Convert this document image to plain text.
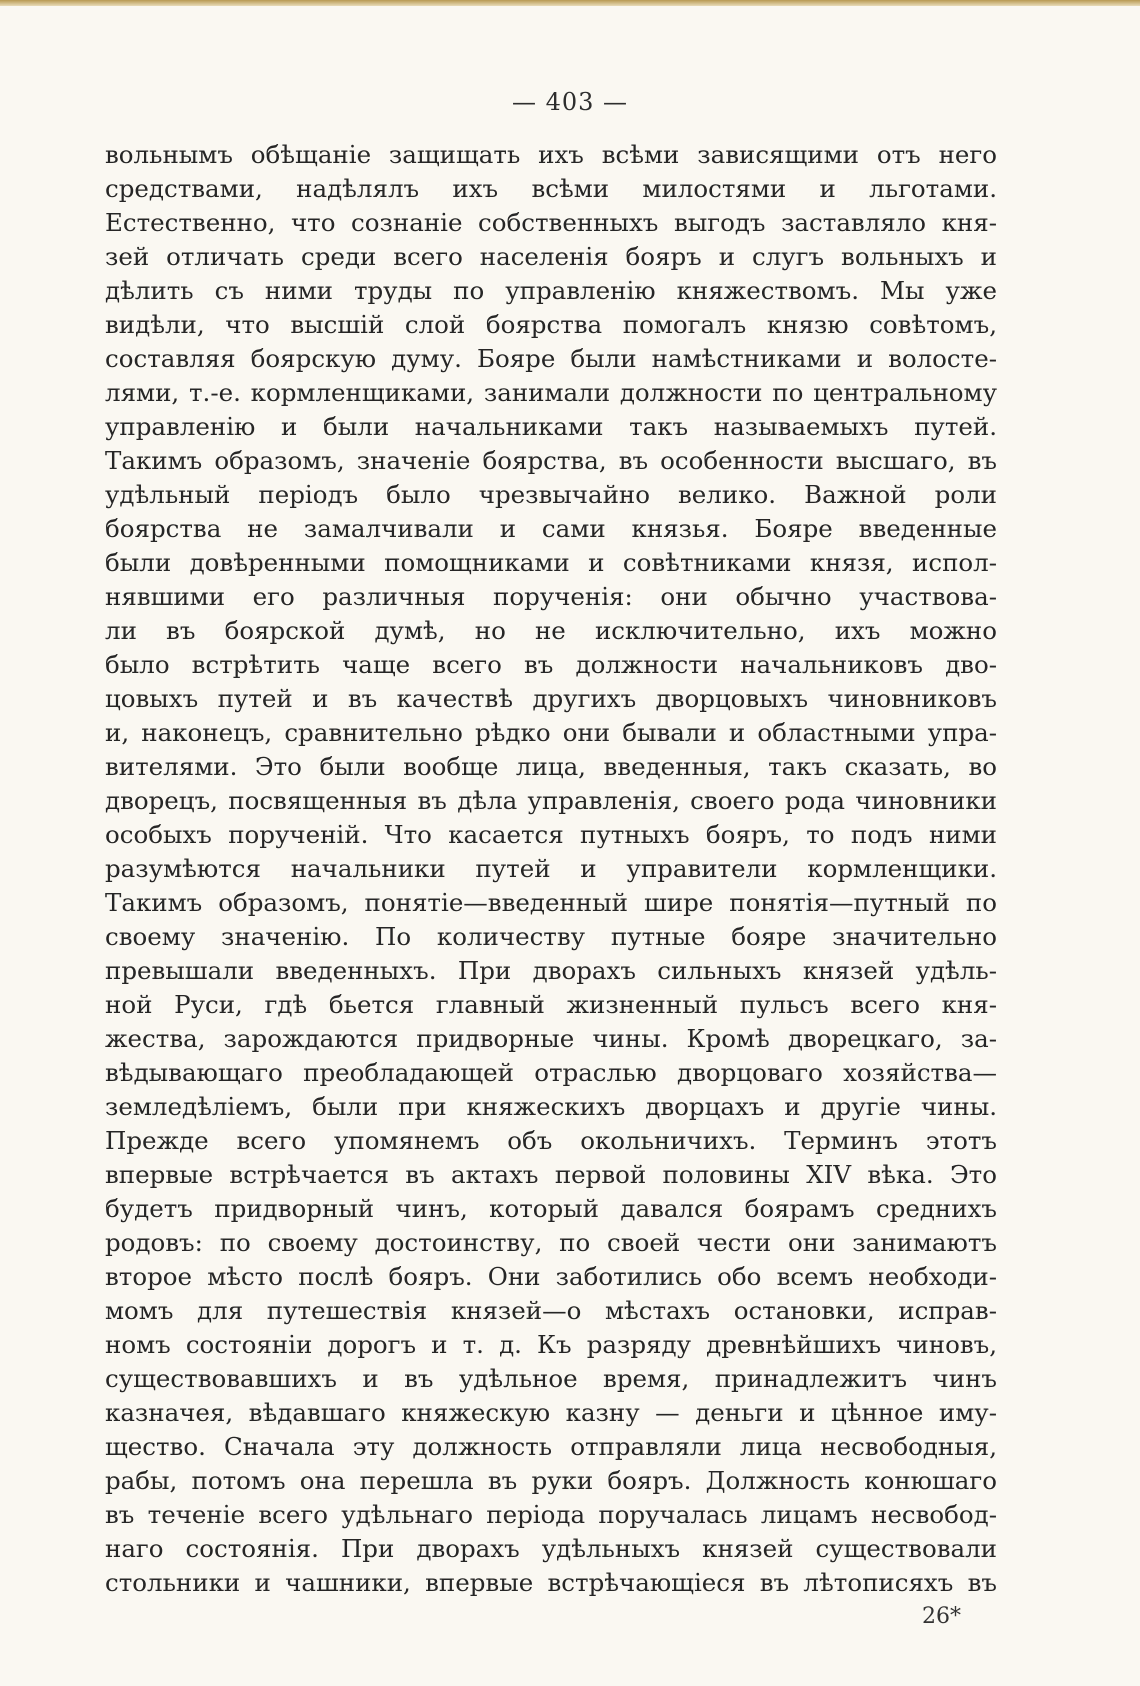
— 403 —
вольнымъ обѣщаніе защищать ихъ всѣми зависящими отъ него
средствами, надѣлялъ ихъ всѣми милостями и льготами.
Естественно, что сознаніе собственныхъ выгодъ заставляло кня-
зей отличать среди всего населенія бояръ и слугъ вольныхъ и
дѣлить съ ними труды по управленію княжествомъ. Мы уже
видѣли, что высшій слой боярства помогалъ князю совѣтомъ,
составляя боярскую думу. Бояре были намѣстниками и волосте-
лями, т.-е. кормленщиками, занимали должности по центральному
управленію и были начальниками такъ называемыхъ путей.
Такимъ образомъ, значеніе боярства, въ особенности высшаго, въ
удѣльный періодъ было чрезвычайно велико. Важной роли
боярства не замалчивали и сами князья. Бояре введенные
были довѣренными помощниками и совѣтниками князя, испол-
нявшими его различныя порученія: они обычно участвова-
ли въ боярской думѣ, но не исключительно, ихъ можно
было встрѣтить чаще всего въ должности начальниковъ дво-
цовыхъ путей и въ качествѣ другихъ дворцовыхъ чиновниковъ
и, наконецъ, сравнительно рѣдко они бывали и областными упра-
вителями. Это были вообще лица, введенныя, такъ сказать, во
дворецъ, посвященныя въ дѣла управленія, своего рода чиновники
особыхъ порученій. Что касается путныхъ бояръ, то подъ ними
разумѣются начальники путей и управители кормленщики.
Такимъ образомъ, понятіе—введенный шире понятія—путный по
своему значенію. По количеству путные бояре значительно
превышали введенныхъ. При дворахъ сильныхъ князей удѣль-
ной Руси, гдѣ бьется главный жизненный пульсъ всего кня-
жества, зарождаются придворные чины. Кромѣ дворецкаго, за-
вѣдывающаго преобладающей отраслью дворцоваго хозяйства—
земледѣліемъ, были при княжескихъ дворцахъ и другіе чины.
Прежде всего упомянемъ объ окольничихъ. Терминъ этотъ
впервые встрѣчается въ актахъ первой половины XIV вѣка. Это
будетъ придворный чинъ, который давался боярамъ среднихъ
родовъ: по своему достоинству, по своей чести они занимаютъ
второе мѣсто послѣ бояръ. Они заботились обо всемъ необходи-
момъ для путешествія князей—о мѣстахъ остановки, исправ-
номъ состояніи дорогъ и т. д. Къ разряду древнѣйшихъ чиновъ,
существовавшихъ и въ удѣльное время, принадлежитъ чинъ
казначея, вѣдавшаго княжескую казну — деньги и цѣнное иму-
щество. Сначала эту должность отправляли лица несвободныя,
рабы, потомъ она перешла въ руки бояръ. Должность конюшаго
въ теченіе всего удѣльнаго періода поручалась лицамъ несвобод-
наго состоянія. При дворахъ удѣльныхъ князей существовали
стольники и чашники, впервые встрѣчающіеся въ лѣтописяхъ въ
26*
